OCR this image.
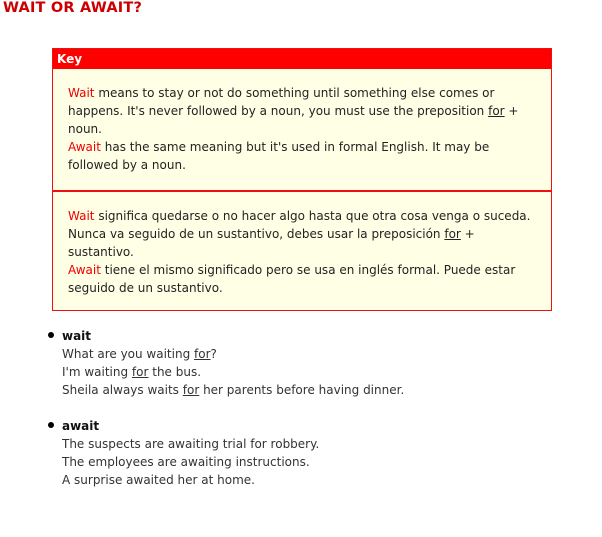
WAIT OR AWAIT?
Key
Wait means to stay or not do something until something else comes or happens. It's never followed by a noun, you must use the preposition for + noun.
Await has the same meaning but it's used in formal English. It may be followed by a noun.
Wait significa quedarse o no hacer algo hasta que otra cosa venga o suceda. Nunca va seguido de un sustantivo, debes usar la preposición for + sustantivo.
Await tiene el mismo significado pero se usa en inglés formal. Puede estar seguido de un sustantivo.
wait
What are you waiting for?
I'm waiting for the bus.
Sheila always waits for her parents before having dinner.
await
The suspects are awaiting trial for robbery.
The employees are awaiting instructions.
A surprise awaited her at home.
